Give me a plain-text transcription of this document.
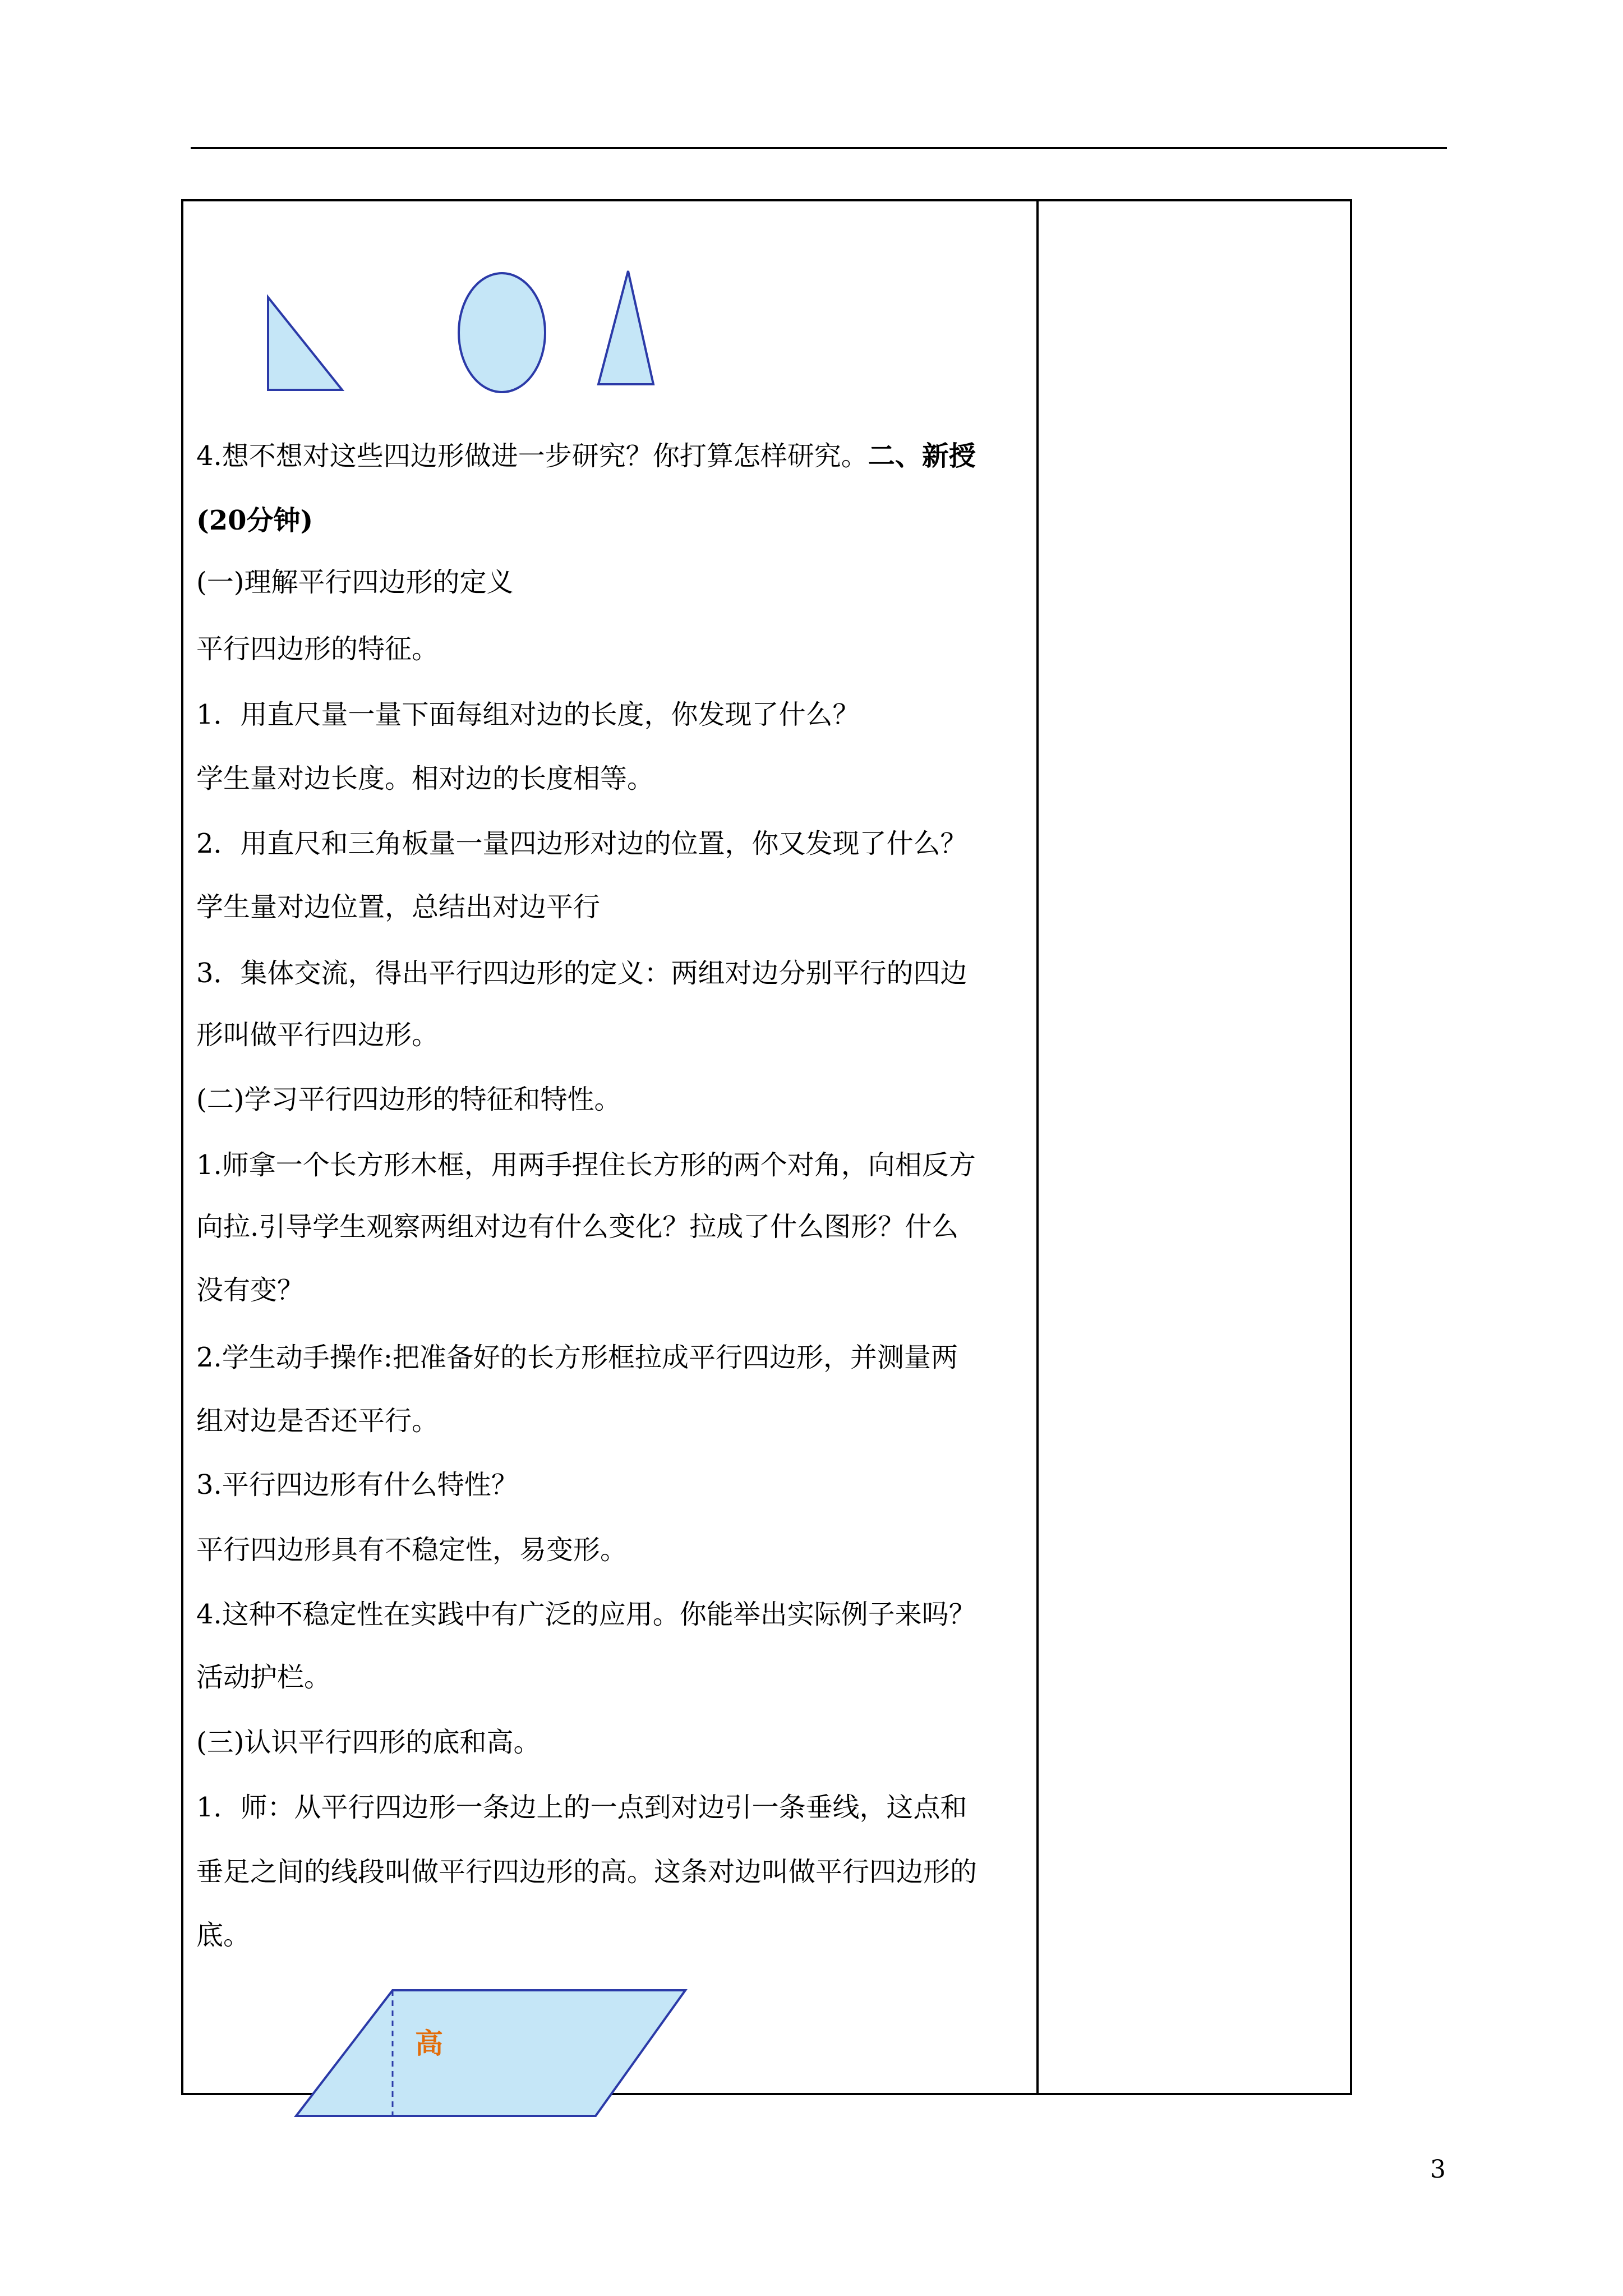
4.想不想对这些四边形做进一步研究？你打算怎样研究。二、新授
(20分钟)
(一)理解平行四边形的定义
平行四边形的特征。
1．用直尺量一量下面每组对边的长度，你发现了什么？
学生量对边长度。相对边的长度相等。
2．用直尺和三角板量一量四边形对边的位置，你又发现了什么？
学生量对边位置，总结出对边平行
3．集体交流，得出平行四边形的定义：两组对边分别平行的四边
形叫做平行四边形。
(二)学习平行四边形的特征和特性。
1.师拿一个长方形木框，用两手捏住长方形的两个对角，向相反方
向拉.引导学生观察两组对边有什么变化？拉成了什么图形？什么
没有变？
2.学生动手操作:把准备好的长方形框拉成平行四边形，并测量两
组对边是否还平行。
3.平行四边形有什么特性？
平行四边形具有不稳定性，易变形。
4.这种不稳定性在实践中有广泛的应用。你能举出实际例子来吗？
活动护栏。
(三)认识平行四形的底和高。
1．师：从平行四边形一条边上的一点到对边引一条垂线，这点和
垂足之间的线段叫做平行四边形的高。这条对边叫做平行四边形的
底。
高
3
